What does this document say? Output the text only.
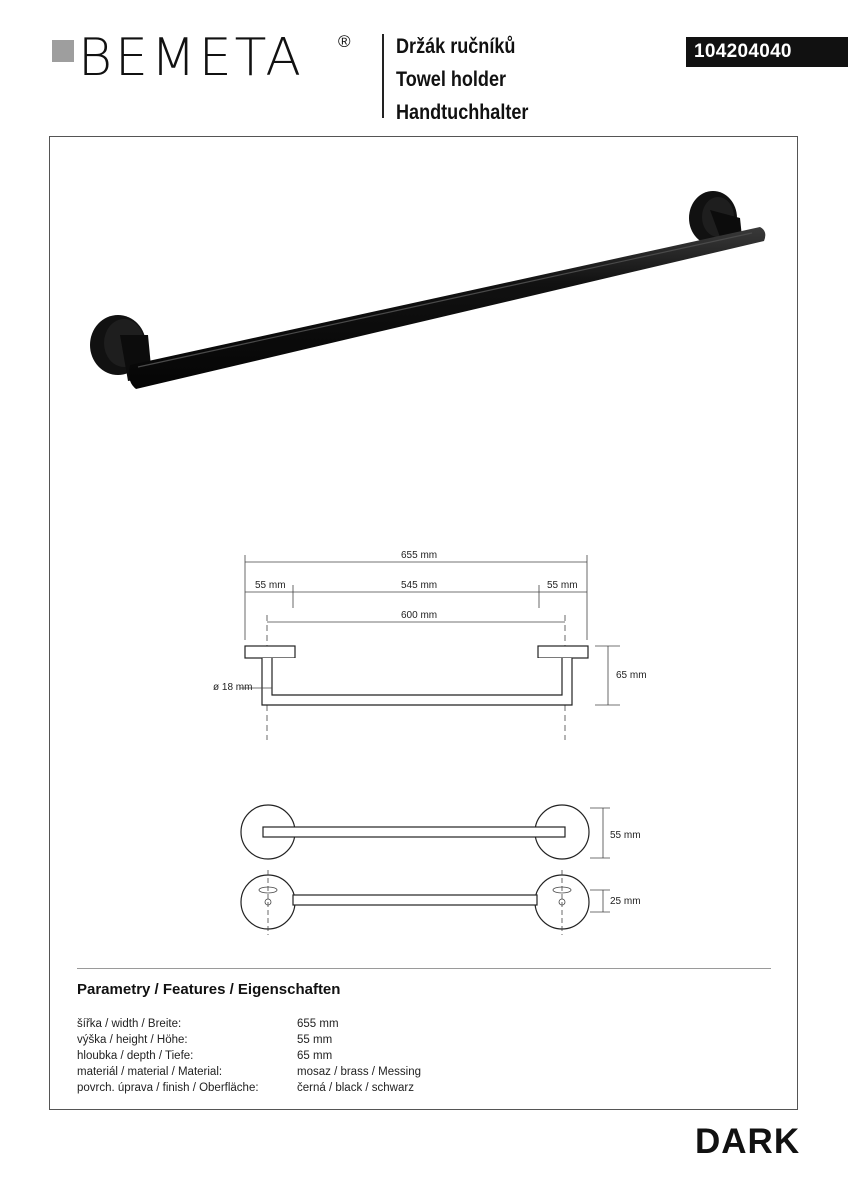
BEMETA ® Držák ručníků
Towel holder
Handtuchhalter
104204040
655 mm
55 mm	545 mm	55 mm
600 mm
65 mm
ø 18 mm
55 mm
25 mm
Parametry / Features / Eigenschaften
šířka / width / Breite:	655 mm
výška / height / Höhe:	55 mm
hloubka / depth / Tiefe:	65 mm
materiál / material / Material:	mosaz / brass / Messing
povrch. úprava / finish / Oberfläche:	černá / black / schwarz
DARK
